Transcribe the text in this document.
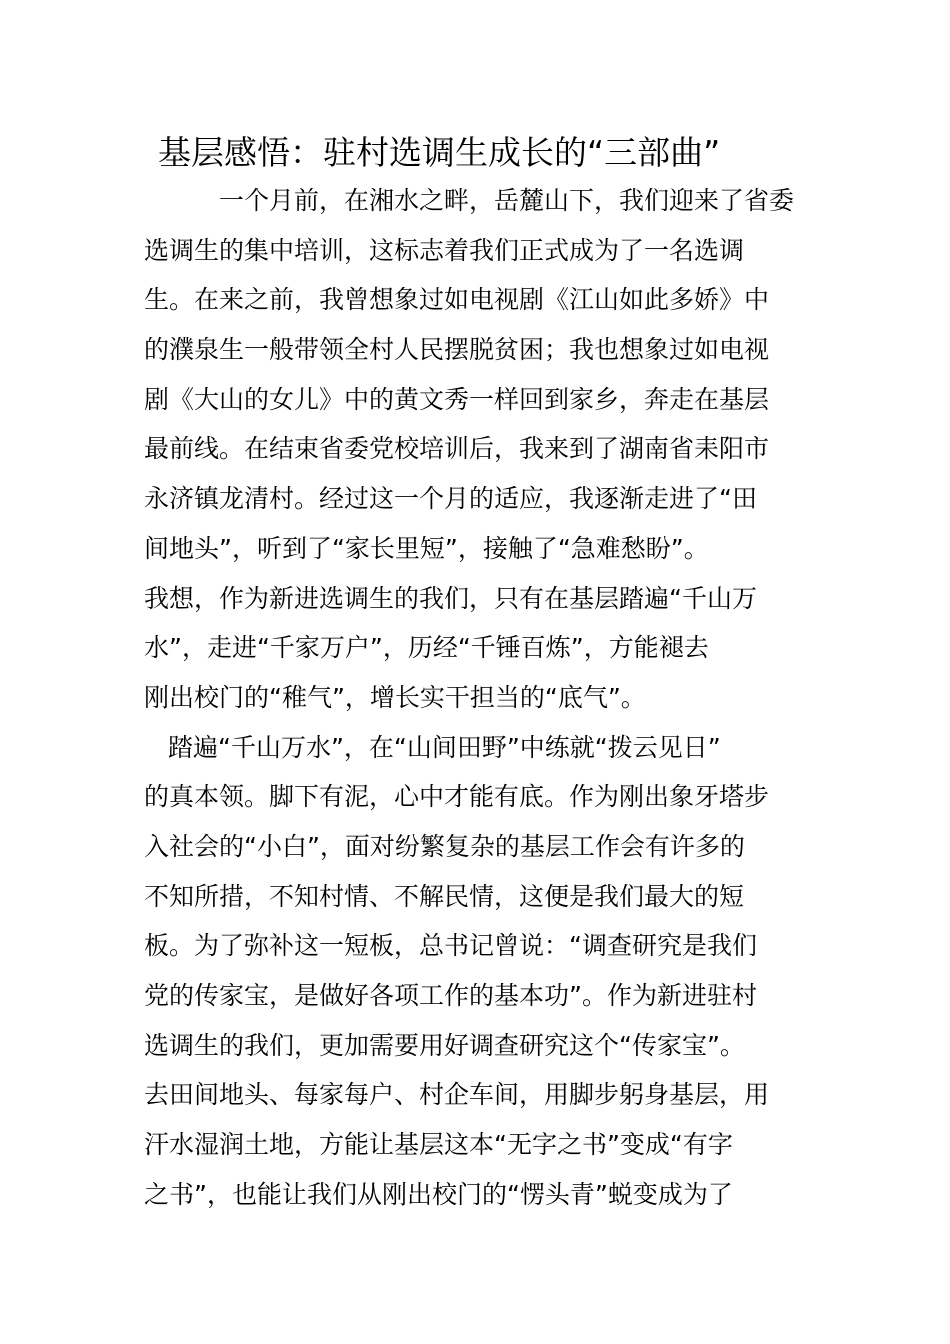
基层感悟：驻村选调生成长的“三部曲”
一个月前，在湘水之畔，岳麓山下，我们迎来了省委
选调生的集中培训，这标志着我们正式成为了一名选调
生。在来之前，我曾想象过如电视剧《江山如此多娇》中
的濮泉生一般带领全村人民摆脱贫困；我也想象过如电视
剧《大山的女儿》中的黄文秀一样回到家乡，奔走在基层
最前线。在结束省委党校培训后，我来到了湖南省耒阳市
永济镇龙清村。经过这一个月的适应，我逐渐走进了“田
间地头”，听到了“家长里短”，接触了“急难愁盼”。
我想，作为新进选调生的我们，只有在基层踏遍“千山万
水”，走进“千家万户”，历经“千锤百炼”，方能褪去
刚出校门的“稚气”，增长实干担当的“底气”。
踏遍“千山万水”，在“山间田野”中练就“拨云见日”
的真本领。脚下有泥，心中才能有底。作为刚出象牙塔步
入社会的“小白”，面对纷繁复杂的基层工作会有许多的
不知所措，不知村情、不解民情，这便是我们最大的短
板。为了弥补这一短板，总书记曾说：“调查研究是我们
党的传家宝，是做好各项工作的基本功”。作为新进驻村
选调生的我们，更加需要用好调查研究这个“传家宝”。
去田间地头、每家每户、村企车间，用脚步躬身基层，用
汗水湿润土地，方能让基层这本“无字之书”变成“有字
之书”，也能让我们从刚出校门的“愣头青”蜕变成为了
